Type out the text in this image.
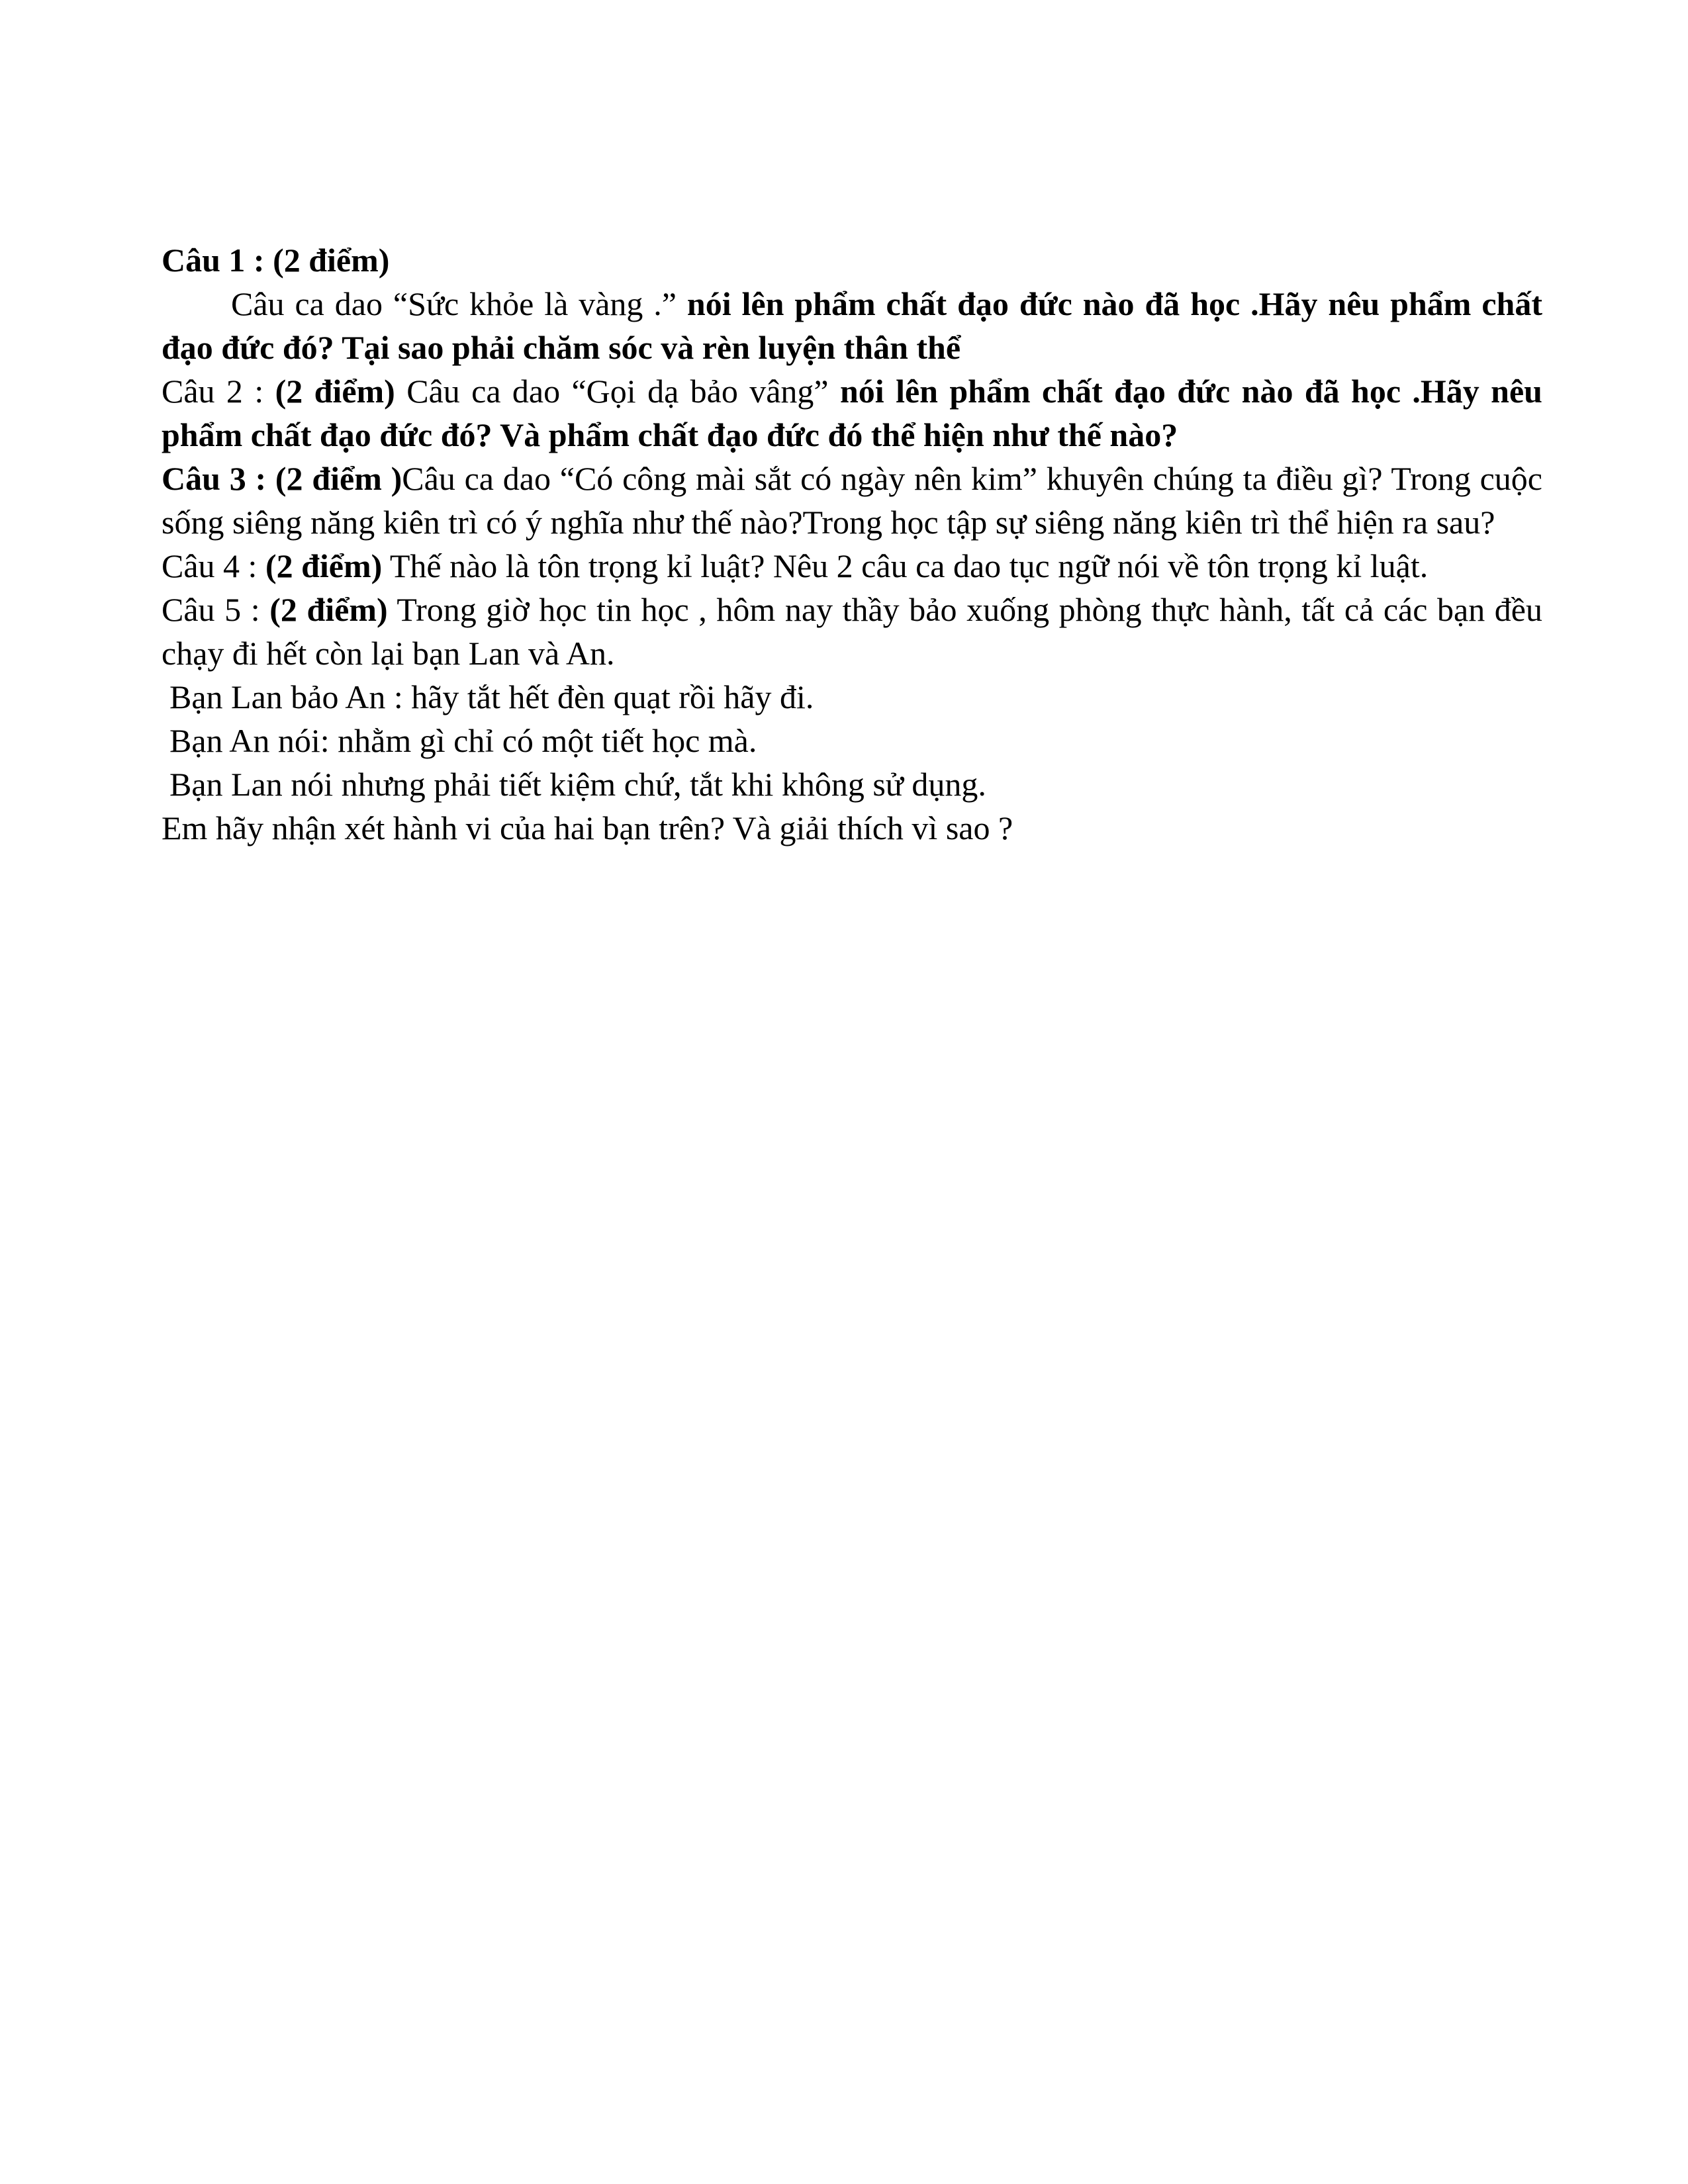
Câu 1 : (2 điểm)

Câu ca dao “Sức khỏe là vàng .” nói lên phẩm chất đạo đức nào đã học .Hãy nêu phẩm chất đạo đức đó? Tại sao phải chăm sóc và rèn luyện thân thể

Câu 2 : (2 điểm) Câu ca dao “Gọi dạ bảo vâng” nói lên phẩm chất đạo đức nào đã học .Hãy nêu phẩm chất đạo đức đó? Và phẩm chất đạo đức đó thể hiện như thế nào?

Câu 3 : (2 điểm )Câu ca dao “Có công mài sắt có ngày nên kim” khuyên chúng ta điều gì? Trong cuộc sống siêng năng kiên trì có ý nghĩa như thế nào?Trong học tập sự siêng năng kiên trì thể hiện ra sau?

Câu 4 : (2 điểm) Thế nào là tôn trọng kỉ luật? Nêu 2 câu ca dao tục ngữ nói về tôn trọng kỉ luật.

Câu 5 : (2 điểm) Trong giờ học tin học , hôm nay thầy bảo xuống phòng thực hành, tất cả các bạn đều chạy đi hết còn lại bạn Lan và An.

Bạn Lan bảo An : hãy tắt hết đèn quạt rồi hãy đi.

Bạn An nói: nhằm gì chỉ có một tiết học mà.

Bạn Lan nói nhưng phải tiết kiệm chứ, tắt khi không sử dụng.

Em hãy nhận xét hành vi của hai bạn trên? Và giải thích vì sao ?
